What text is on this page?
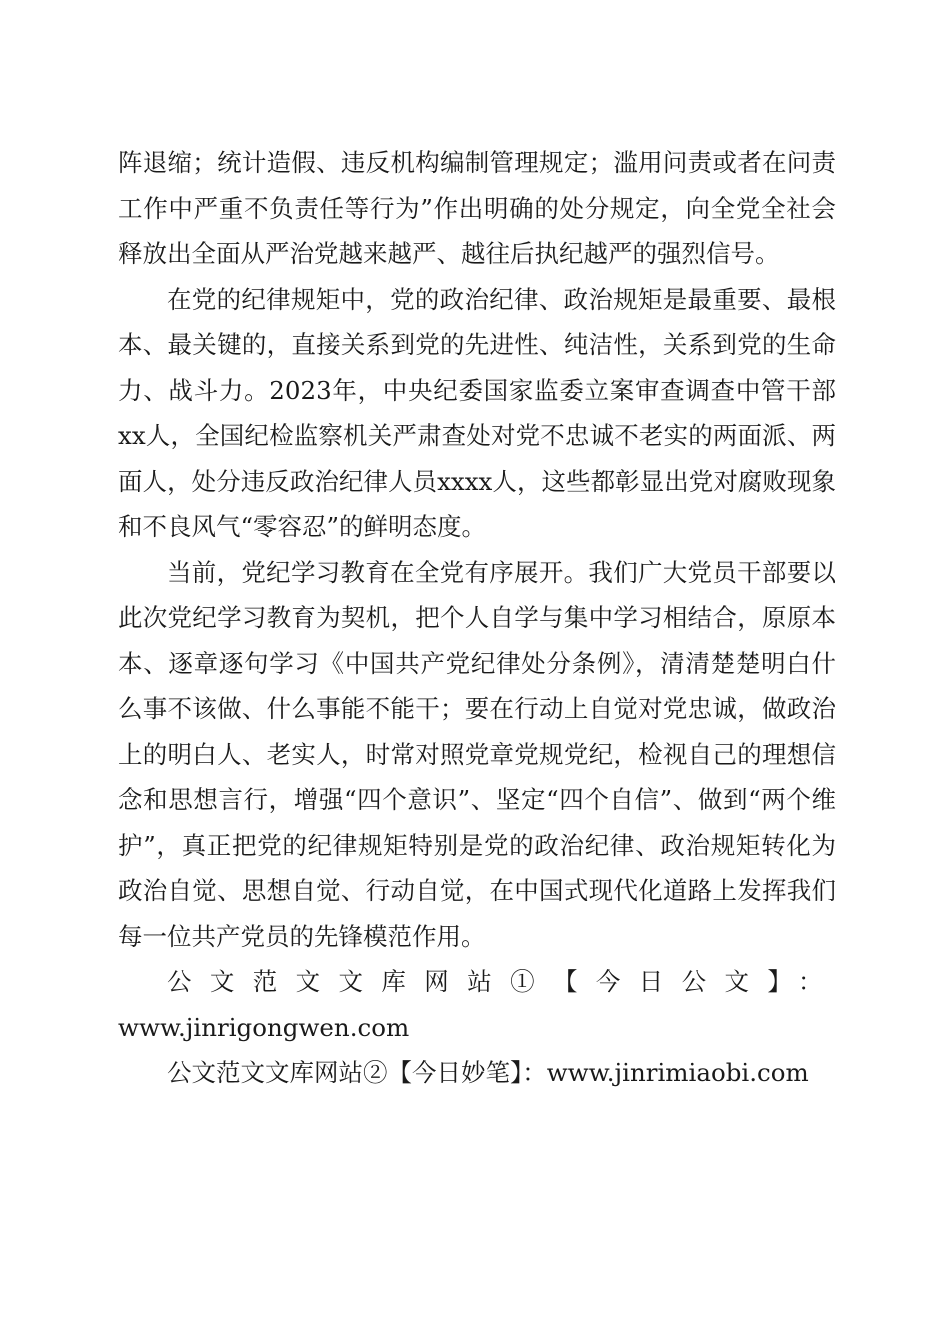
阵退缩；统计造假、违反机构编制管理规定；滥用问责或者在问责工作中严重不负责任等行为”作出明确的处分规定，向全党全社会释放出全面从严治党越来越严、越往后执纪越严的强烈信号。

在党的纪律规矩中，党的政治纪律、政治规矩是最重要、最根本、最关键的，直接关系到党的先进性、纯洁性，关系到党的生命力、战斗力。2023年，中央纪委国家监委立案审查调查中管干部xx人，全国纪检监察机关严肃查处对党不忠诚不老实的两面派、两面人，处分违反政治纪律人员xxxx人，这些都彰显出党对腐败现象和不良风气“零容忍”的鲜明态度。

当前，党纪学习教育在全党有序展开。我们广大党员干部要以此次党纪学习教育为契机，把个人自学与集中学习相结合，原原本本、逐章逐句学习《中国共产党纪律处分条例》，清清楚楚明白什么事不该做、什么事能不能干；要在行动上自觉对党忠诚，做政治上的明白人、老实人，时常对照党章党规党纪，检视自己的理想信念和思想言行，增强“四个意识”、坚定“四个自信”、做到“两个维护”，真正把党的纪律规矩特别是党的政治纪律、政治规矩转化为政治自觉、思想自觉、行动自觉，在中国式现代化道路上发挥我们每一位共产党员的先锋模范作用。

公文范文文库网站①【今日公文】： www.jinrigongwen.com

公文范文文库网站②【今日妙笔】：www.jinrimiaobi.com
